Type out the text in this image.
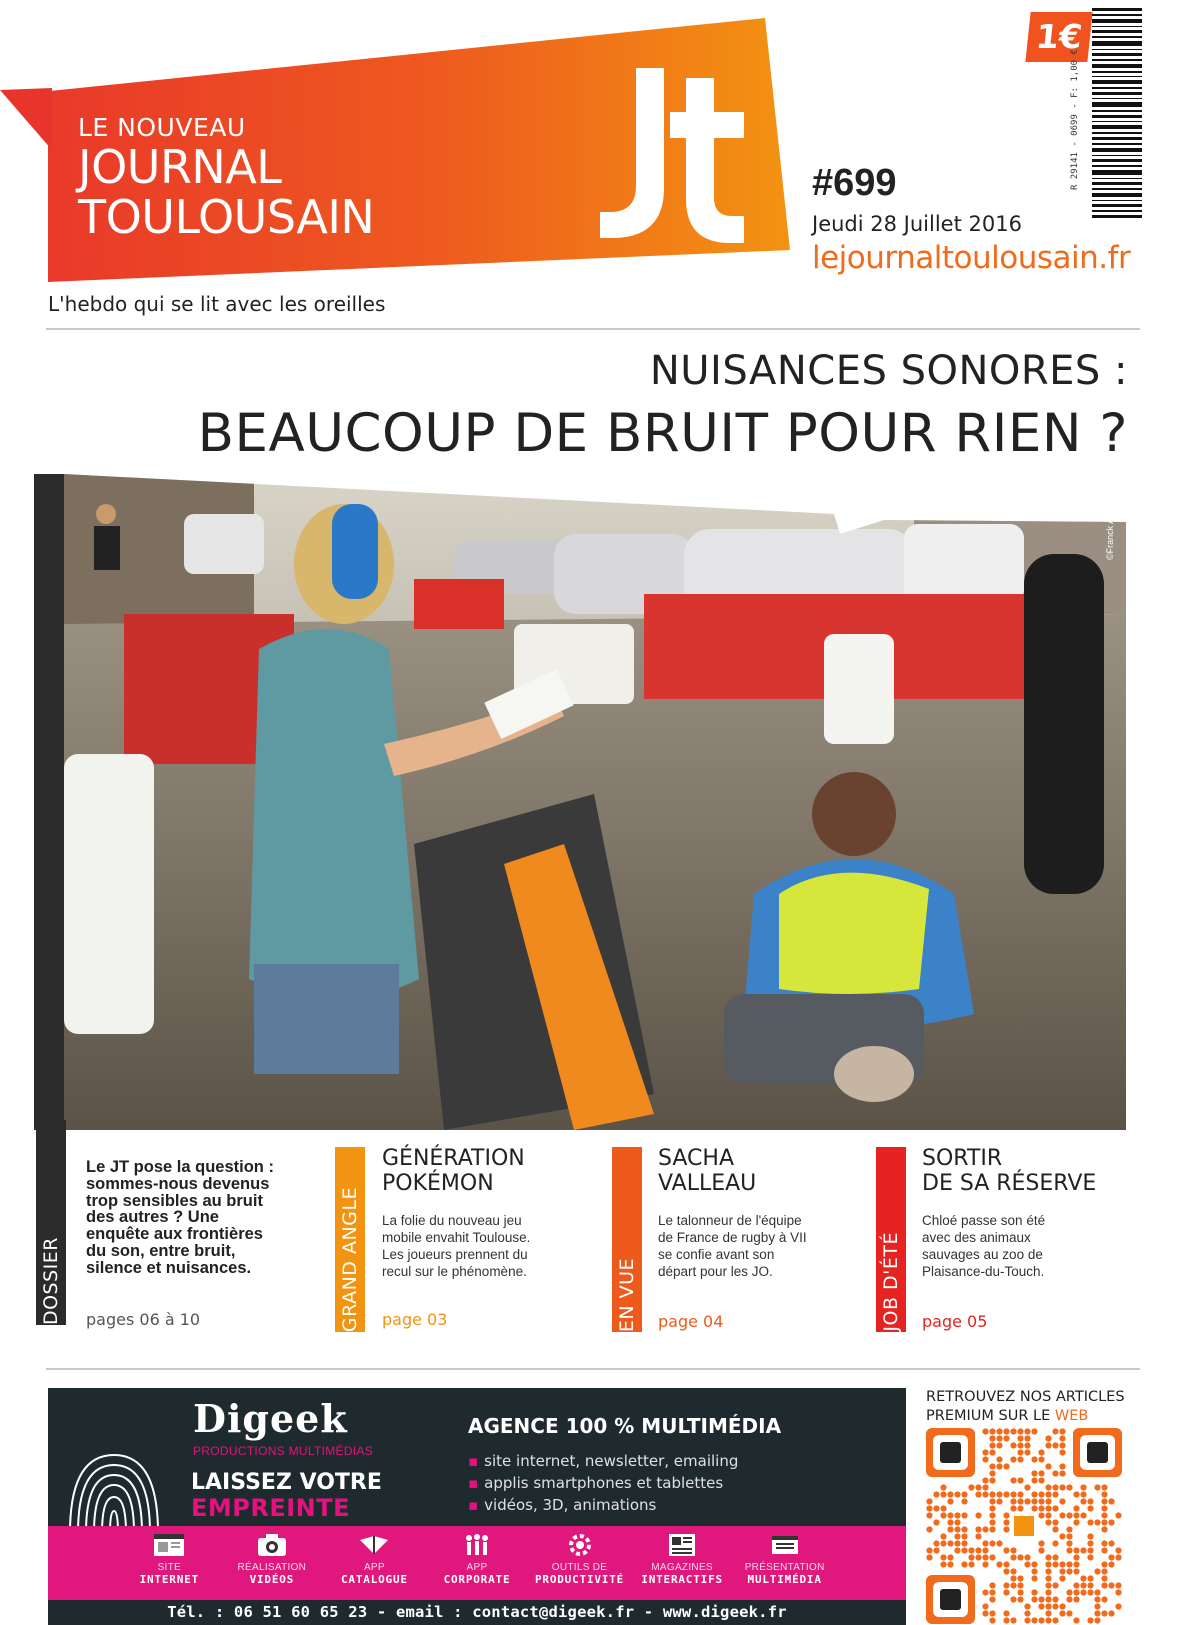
LE NOUVEAU
JOURNAL
TOULOUSAIN
L'hebdo qui se lit avec les oreilles
1€
R 29141 - 0699 - F: 1,00 €
#699
Jeudi 28 Juillet 2016
lejournaltoulousain.fr
NUISANCES SONORES :
BEAUCOUP DE BRUIT POUR RIEN ?
©Franck Alix
DOSSIER
Le JT pose la question : sommes-nous devenus trop sensibles au bruit des autres ? Une enquête aux frontières du son, entre bruit, silence et nuisances.
pages 06 à 10	GRAND ANGLE
GÉNÉRATION
POKÉMON
La folie du nouveau jeu mobile envahit Toulouse. Les joueurs prennent du recul sur le phénomène.
page 03	EN VUE
SACHA
VALLEAU
Le talonneur de l'équipe de France de rugby à VII se confie avant son départ pour les JO.
page 04	JOB D'ÉTÉ
SORTIR
DE SA RÉSERVE
Chloé passe son été avec des animaux sauvages au zoo de Plaisance-du-Touch.
page 05
Digeek
PRODUCTIONS MULTIMÉDIAS
LAISSEZ VOTRE
EMPREINTE
AGENCE 100 % MULTIMÉDIA
▪ site internet, newsletter, emailing
▪ applis smartphones et tablettes
▪ vidéos, 3D, animations
SITE
INTERNET
RÉALISATION
VIDÉOS
APP
CATALOGUE
APP
CORPORATE
OUTILS DE
PRODUCTIVITÉ
MAGAZINES
INTERACTIFS
PRÉSENTATION
MULTIMÉDIA
Tél. : 06 51 60 65 23 - email : contact@digeek.fr - www.digeek.fr
RETROUVEZ NOS ARTICLES
PREMIUM SUR LE WEB
